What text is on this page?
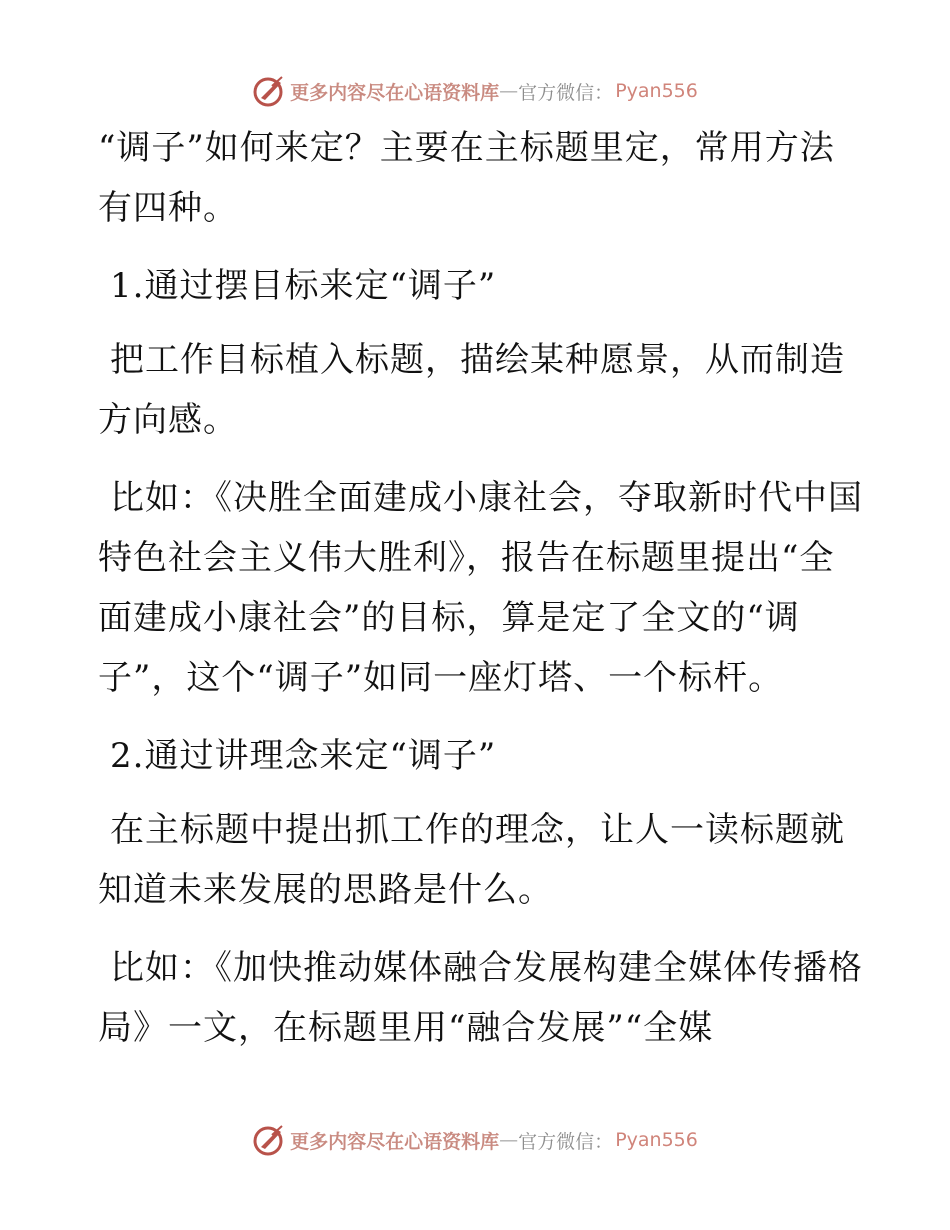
更多内容尽在心语资料库 — 官方微信： Pyan556

“调子”如何来定？主要在主标题里定，常用方法有四种。

1.通过摆目标来定“调子”

把工作目标植入标题，描绘某种愿景，从而制造方向感。

比如：《决胜全面建成小康社会，夺取新时代中国特色社会主义伟大胜利》，报告在标题里提出“全面建成小康社会”的目标，算是定了全文的“调子”，这个“调子”如同一座灯塔、一个标杆。

2.通过讲理念来定“调子”

在主标题中提出抓工作的理念，让人一读标题就知道未来发展的思路是什么。

比如：《加快推动媒体融合发展构建全媒体传播格局》一文，在标题里用“融合发展”“全媒

更多内容尽在心语资料库 — 官方微信： Pyan556
